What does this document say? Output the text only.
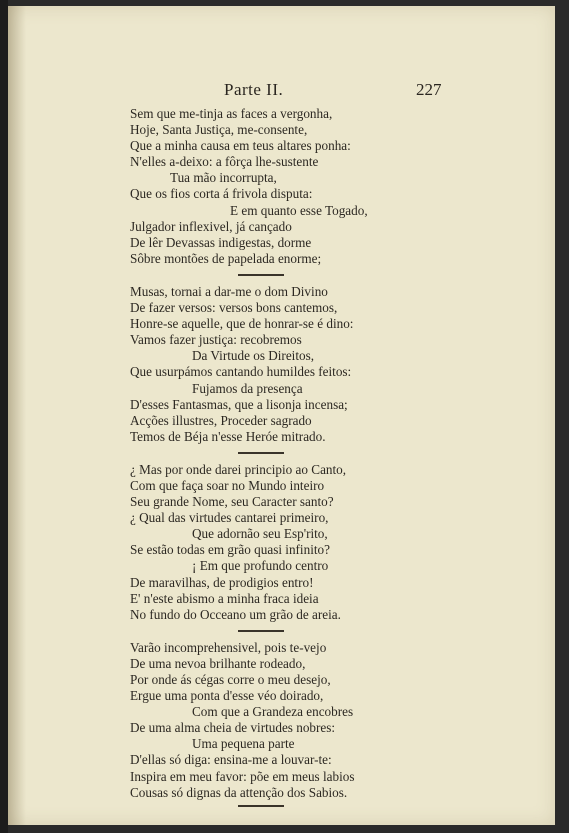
Parte II.	227
Sem que me-tinja as faces a vergonha,
Hoje, Santa Justiça, me-consente,
Que a minha causa em teus altares ponha:
N'elles a-deixo: a fôrça lhe-sustente
Tua mão incorrupta,
Que os fios corta á frivola disputa:
E em quanto esse Togado,
Julgador inflexivel, já cançado
De lêr Devassas indigestas, dorme
Sôbre montões de papelada enorme;
Musas, tornai a dar-me o dom Divino
De fazer versos: versos bons cantemos,
Honre-se aquelle, que de honrar-se é dino:
Vamos fazer justiça: recobremos
Da Virtude os Direitos,
Que usurpámos cantando humildes feitos:
Fujamos da presença
D'esses Fantasmas, que a lisonja incensa;
Acções illustres, Proceder sagrado
Temos de Béja n'esse Heróe mitrado.
¿ Mas por onde darei principio ao Canto,
Com que faça soar no Mundo inteiro
Seu grande Nome, seu Caracter santo?
¿ Qual das virtudes cantarei primeiro,
Que adornão seu Esp'rito,
Se estão todas em grão quasi infinito?
¡ Em que profundo centro
De maravilhas, de prodigios entro!
E' n'este abismo a minha fraca ideia
No fundo do Occeano um grão de areia.
Varão incomprehensivel, pois te-vejo
De uma nevoa brilhante rodeado,
Por onde ás cégas corre o meu desejo,
Ergue uma ponta d'esse véo doirado,
Com que a Grandeza encobres
De uma alma cheia de virtudes nobres:
Uma pequena parte
D'ellas só diga: ensina-me a louvar-te:
Inspira em meu favor: põe em meus labios
Cousas só dignas da attenção dos Sabios.
